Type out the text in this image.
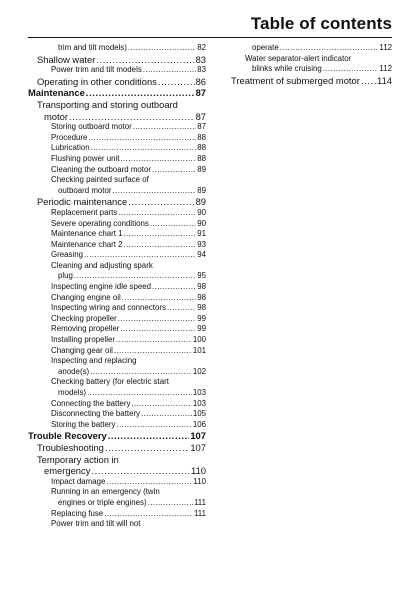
Table of contents
trim and tilt models) .....	82
Shallow water .....	83
Power trim and tilt models .....	83
Operating in other conditions .....	86
Maintenance .....	87
Transporting and storing outboard
motor .....	87
Storing outboard motor .....	87
Procedure .....	88
Lubrication .....	88
Flushing power unit .....	88
Cleaning the outboard motor .....	89
Checking painted surface of
outboard motor .....	89
Periodic maintenance .....	89
Replacement parts .....	90
Severe operating conditions .....	90
Maintenance chart 1 .....	91
Maintenance chart 2 .....	93
Greasing .....	94
Cleaning and adjusting spark
plug .....	95
Inspecting engine idle speed .....	98
Changing engine oil .....	98
Inspecting wiring and connectors .....	98
Checking propeller .....	99
Removing propeller .....	99
Installing propeller .....	100
Changing gear oil .....	101
Inspecting and replacing
anode(s) .....	102
Checking battery (for electric start
models) .....	103
Connecting the battery .....	103
Disconnecting the battery .....	105
Storing the battery .....	106
Trouble Recovery .....	107
Troubleshooting .....	107
Temporary action in
emergency .....	110
Impact damage .....	110
Running in an emergency (twin
engines or triple engines) .....	111
Replacing fuse .....	111
Power trim and tilt will not
operate .....	112
Water separator-alert indicator
blinks while cruising .....	112
Treatment of submerged motor ..... 114
